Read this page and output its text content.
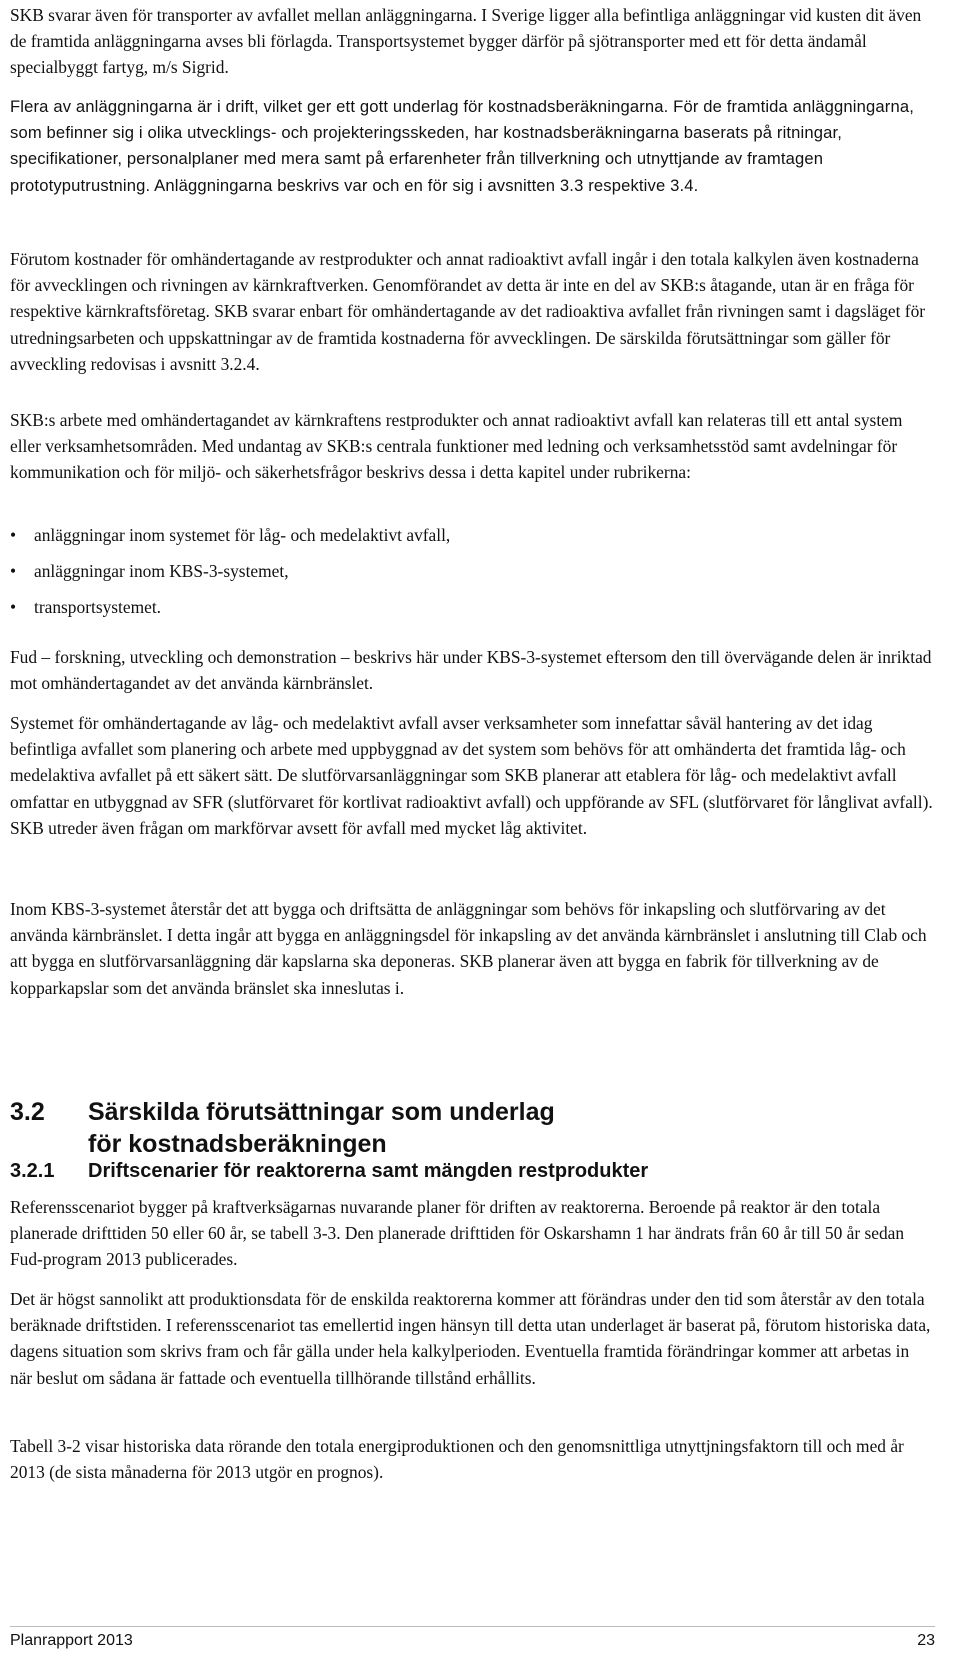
SKB svarar även för transporter av avfallet mellan anläggningarna. I Sverige ligger alla befintliga anläggningar vid kusten dit även de framtida anläggningarna avses bli förlagda. Transportsystemet bygger därför på sjötransporter med ett för detta ändamål specialbyggt fartyg, m/s Sigrid.

Flera av anläggningarna är i drift, vilket ger ett gott underlag för kostnadsberäkningarna. För de framtida anläggningarna, som befinner sig i olika utvecklings- och projekteringsskeden, har kostnadsberäkningarna baserats på ritningar, specifikationer, personalplaner med mera samt på erfarenheter från tillverkning och utnyttjande av framtagen prototyputrustning. Anläggningarna beskrivs var och en för sig i avsnitten 3.3 respektive 3.4.

Förutom kostnader för omhändertagande av restprodukter och annat radioaktivt avfall ingår i den totala kalkylen även kostnaderna för avvecklingen och rivningen av kärnkraftverken. Genomförandet av detta är inte en del av SKB:s åtagande, utan är en fråga för respektive kärnkraftsföretag. SKB svarar enbart för omhändertagande av det radioaktiva avfallet från rivningen samt i dagsläget för utredningsarbeten och uppskattningar av de framtida kostnaderna för avvecklingen. De särskilda förutsättningar som gäller för avveckling redovisas i avsnitt 3.2.4.

SKB:s arbete med omhändertagandet av kärnkraftens restprodukter och annat radioaktivt avfall kan relateras till ett antal system eller verksamhetsområden. Med undantag av SKB:s centrala funktioner med ledning och verksamhetsstöd samt avdelningar för kommunikation och för miljö- och säkerhetsfrågor beskrivs dessa i detta kapitel under rubrikerna:

• anläggningar inom systemet för låg- och medelaktivt avfall,
• anläggningar inom KBS-3-systemet,
• transportsystemet.

Fud – forskning, utveckling och demonstration – beskrivs här under KBS-3-systemet eftersom den till övervägande delen är inriktad mot omhändertagandet av det använda kärnbränslet.

Systemet för omhändertagande av låg- och medelaktivt avfall avser verksamheter som innefattar såväl hantering av det idag befintliga avfallet som planering och arbete med uppbyggnad av det system som behövs för att omhänderta det framtida låg- och medelaktiva avfallet på ett säkert sätt. De slutförvarsanläggningar som SKB planerar att etablera för låg- och medelaktivt avfall omfattar en utbyggnad av SFR (slutförvaret för kortlivat radioaktivt avfall) och uppförande av SFL (slutförvaret för långlivat avfall). SKB utreder även frågan om markförvar avsett för avfall med mycket låg aktivitet.

Inom KBS-3-systemet återstår det att bygga och driftsätta de anläggningar som behövs för inkapsling och slutförvaring av det använda kärnbränslet. I detta ingår att bygga en anläggningsdel för inkapsling av det använda kärnbränslet i anslutning till Clab och att bygga en slutförvarsanläggning där kapslarna ska deponeras. SKB planerar även att bygga en fabrik för tillverkning av de kopparkapslar som det använda bränslet ska inneslutas i.

3.2 Särskilda förutsättningar som underlag
för kostnadsberäkningen
3.2.1 Driftscenarier för reaktorerna samt mängden restprodukter

Referensscenariot bygger på kraftverksägarnas nuvarande planer för driften av reaktorerna. Beroende på reaktor är den totala planerade drifttiden 50 eller 60 år, se tabell 3-3. Den planerade drifttiden för Oskarshamn 1 har ändrats från 60 år till 50 år sedan Fud-program 2013 publicerades.

Det är högst sannolikt att produktionsdata för de enskilda reaktorerna kommer att förändras under den tid som återstår av den totala beräknade driftstiden. I referensscenariot tas emellertid ingen hänsyn till detta utan underlaget är baserat på, förutom historiska data, dagens situation som skrivs fram och får gälla under hela kalkylperioden. Eventuella framtida förändringar kommer att arbetas in när beslut om sådana är fattade och eventuella tillhörande tillstånd erhållits.

Tabell 3-2 visar historiska data rörande den totala energiproduktionen och den genomsnittliga utnyttjningsfaktorn till och med år 2013 (de sista månaderna för 2013 utgör en prognos).

Planrapport 2013	23
